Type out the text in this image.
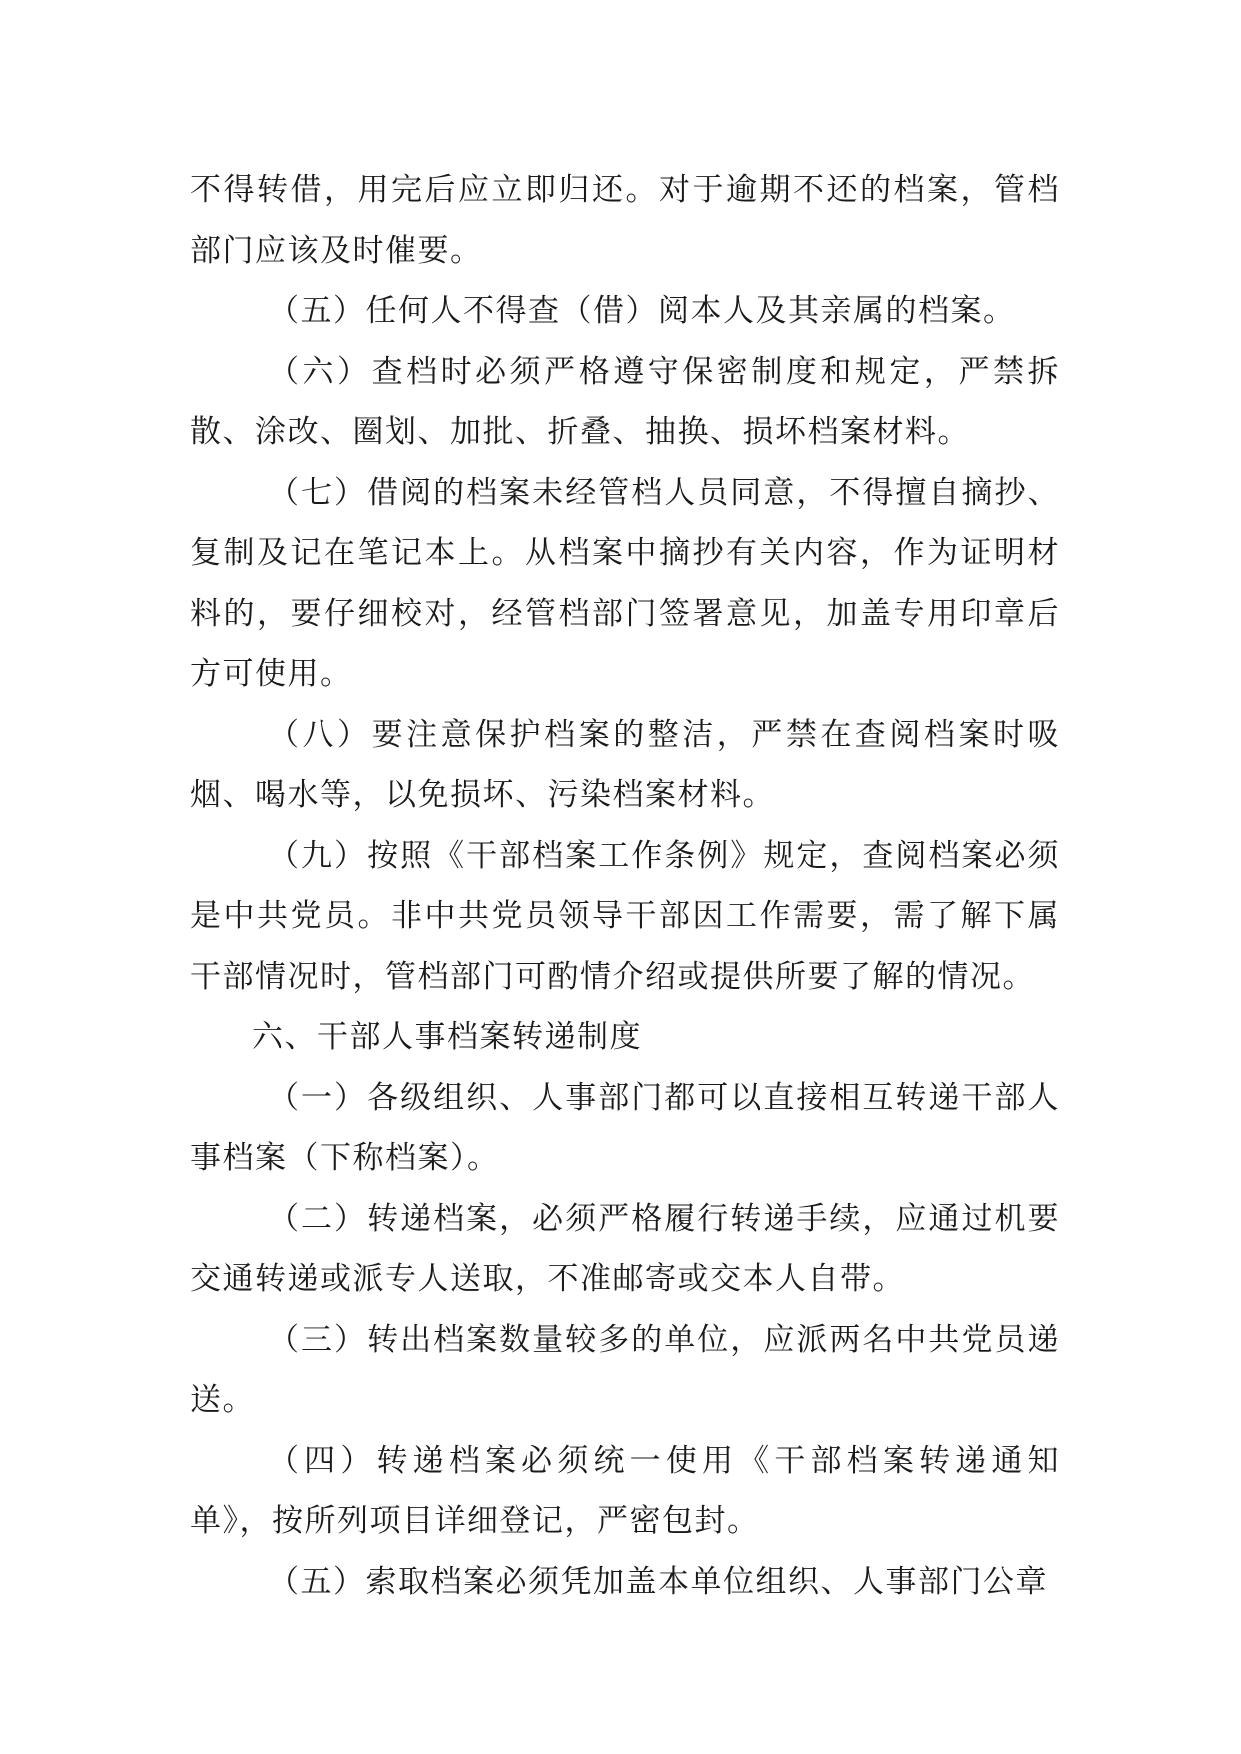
不得转借，用完后应立即归还。对于逾期不还的档案，管档部门应该及时催要。

（五）任何人不得查（借）阅本人及其亲属的档案。

（六）查档时必须严格遵守保密制度和规定，严禁拆散、涂改、圈划、加批、折叠、抽换、损坏档案材料。

（七）借阅的档案未经管档人员同意，不得擅自摘抄、复制及记在笔记本上。从档案中摘抄有关内容，作为证明材料的，要仔细校对，经管档部门签署意见，加盖专用印章后方可使用。

（八）要注意保护档案的整洁，严禁在查阅档案时吸烟、喝水等，以免损坏、污染档案材料。

（九）按照《干部档案工作条例》规定，查阅档案必须是中共党员。非中共党员领导干部因工作需要，需了解下属干部情况时，管档部门可酌情介绍或提供所要了解的情况。

六、干部人事档案转递制度

（一）各级组织、人事部门都可以直接相互转递干部人事档案（下称档案）。

（二）转递档案，必须严格履行转递手续，应通过机要交通转递或派专人送取，不准邮寄或交本人自带。

（三）转出档案数量较多的单位，应派两名中共党员递送。

（四）转递档案必须统一使用《干部档案转递通知单》，按所列项目详细登记，严密包封。

（五）索取档案必须凭加盖本单位组织、人事部门公章
